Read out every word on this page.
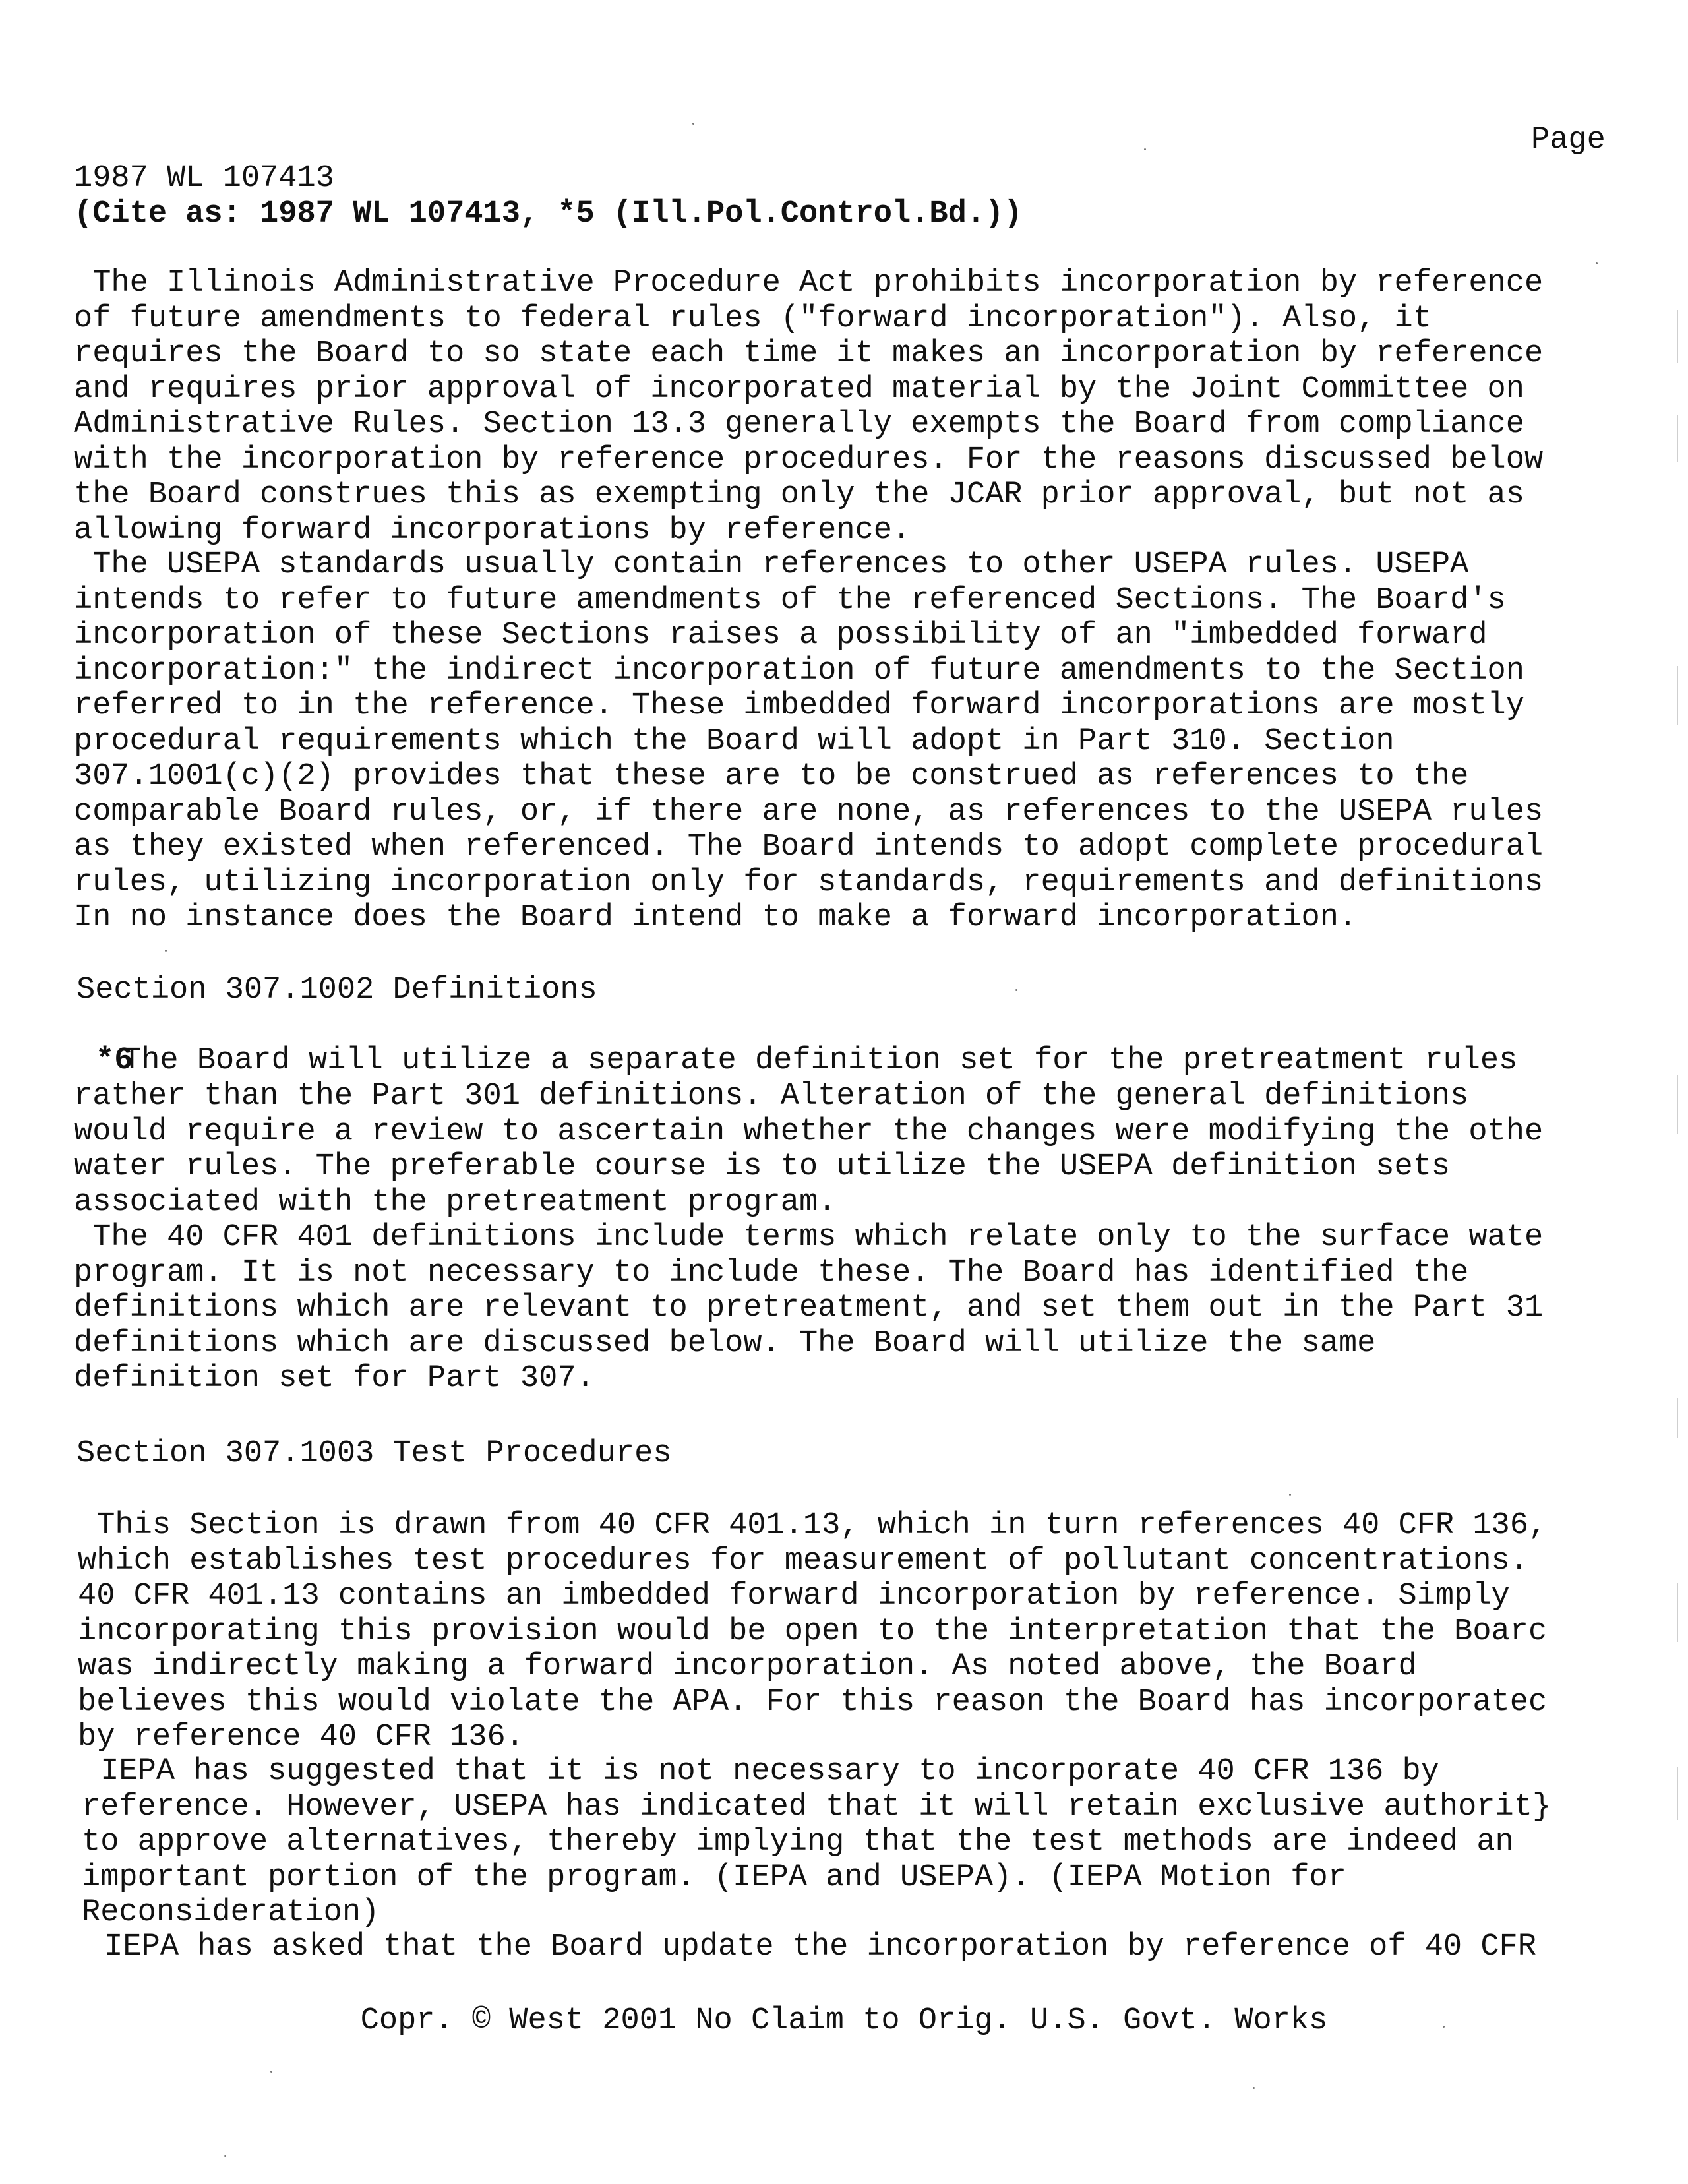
Page
1987 WL 107413
(Cite as: 1987 WL 107413, *5 (Ill.Pol.Control.Bd.))
The Illinois Administrative Procedure Act prohibits incorporation by reference
of future amendments to federal rules ("forward incorporation"). Also, it
requires the Board to so state each time it makes an incorporation by reference
and requires prior approval of incorporated material by the Joint Committee on
Administrative Rules. Section 13.3 generally exempts the Board from compliance
with the incorporation by reference procedures. For the reasons discussed below
the Board construes this as exempting only the JCAR prior approval, but not as
allowing forward incorporations by reference.
The USEPA standards usually contain references to other USEPA rules. USEPA
intends to refer to future amendments of the referenced Sections. The Board's
incorporation of these Sections raises a possibility of an "imbedded forward
incorporation:" the indirect incorporation of future amendments to the Section
referred to in the reference. These imbedded forward incorporations are mostly
procedural requirements which the Board will adopt in Part 310. Section
307.1001(c)(2) provides that these are to be construed as references to the
comparable Board rules, or, if there are none, as references to the USEPA rules
as they existed when referenced. The Board intends to adopt complete procedural
rules, utilizing incorporation only for standards, requirements and definitions
In no instance does the Board intend to make a forward incorporation.
Section 307.1002 Definitions
*6
The Board will utilize a separate definition set for the pretreatment rules
rather than the Part 301 definitions. Alteration of the general definitions
would require a review to ascertain whether the changes were modifying the othe
water rules. The preferable course is to utilize the USEPA definition sets
associated with the pretreatment program.
The 40 CFR 401 definitions include terms which relate only to the surface wate
program. It is not necessary to include these. The Board has identified the
definitions which are relevant to pretreatment, and set them out in the Part 31
definitions which are discussed below. The Board will utilize the same
definition set for Part 307.
Section 307.1003 Test Procedures
This Section is drawn from 40 CFR 401.13, which in turn references 40 CFR 136,
which establishes test procedures for measurement of pollutant concentrations.
40 CFR 401.13 contains an imbedded forward incorporation by reference. Simply
incorporating this provision would be open to the interpretation that the Boarc
was indirectly making a forward incorporation. As noted above, the Board
believes this would violate the APA. For this reason the Board has incorporatec
by reference 40 CFR 136.
IEPA has suggested that it is not necessary to incorporate 40 CFR 136 by
reference. However, USEPA has indicated that it will retain exclusive authorit}
to approve alternatives, thereby implying that the test methods are indeed an
important portion of the program. (IEPA and USEPA). (IEPA Motion for
Reconsideration)
IEPA has asked that the Board update the incorporation by reference of 40 CFR
Copr. © West 2001 No Claim to Orig. U.S. Govt. Works
